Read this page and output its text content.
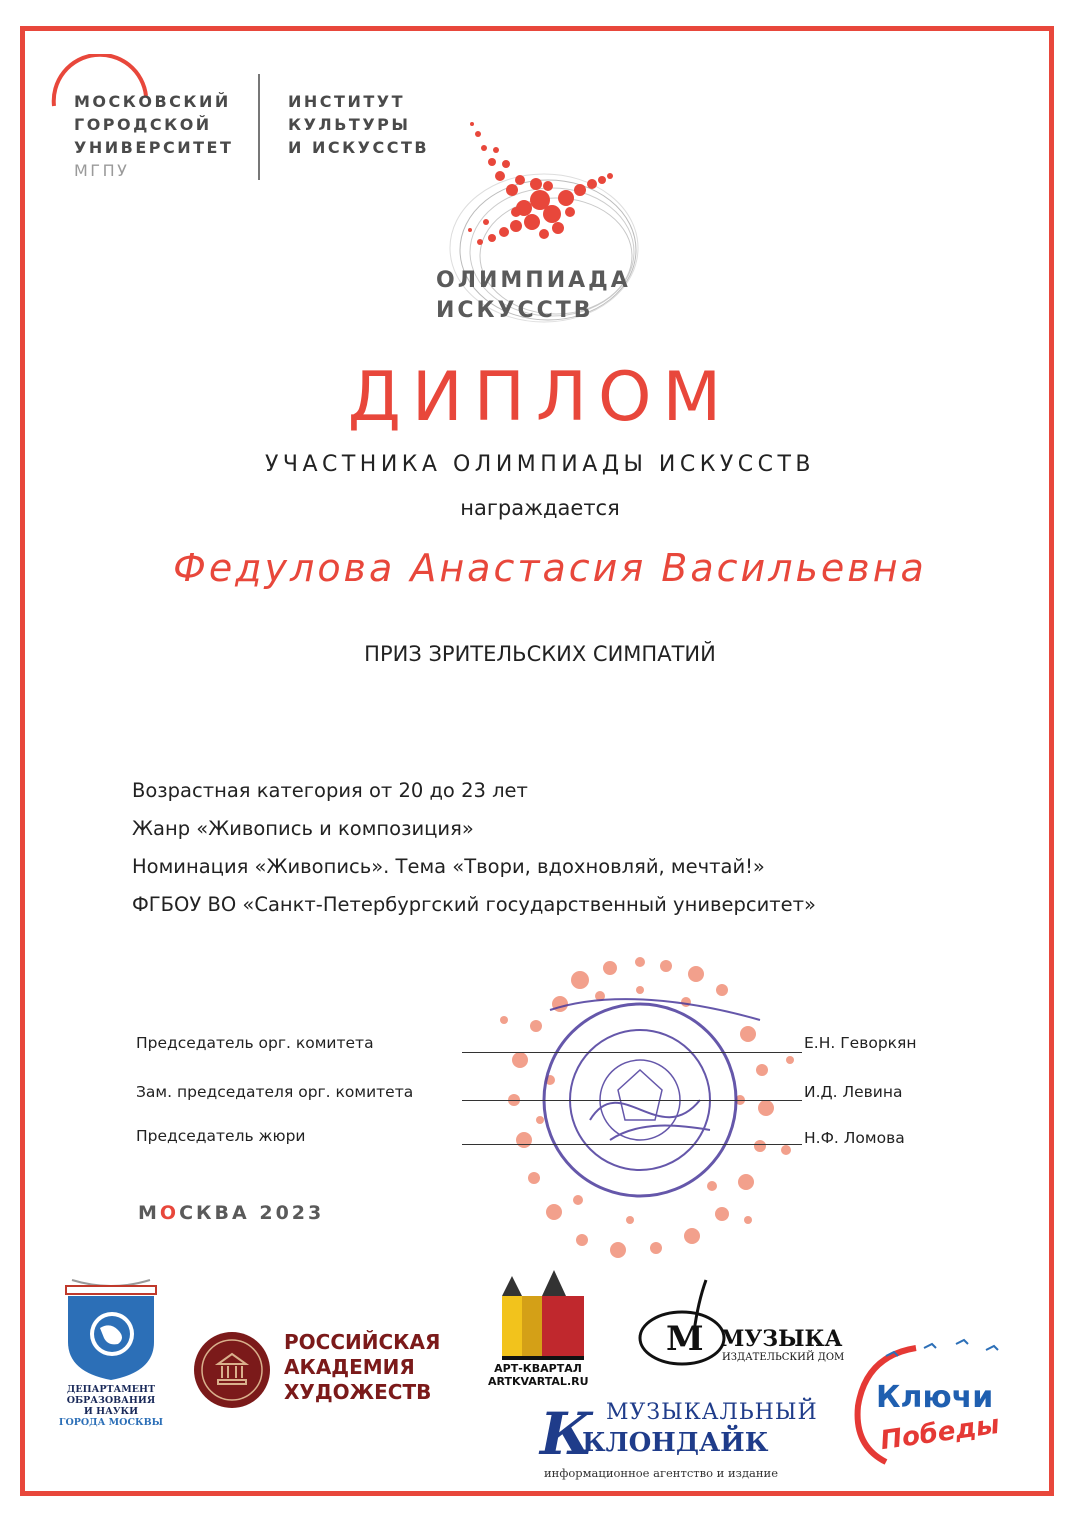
МОСКОВСКИЙ
ГОРОДСКОЙ
УНИВЕРСИТЕТ
МГПУ
ИНСТИТУТ
КУЛЬТУРЫ
И ИСКУССТВ
ОЛИМПИАДА
ИСКУССТВ
ДИПЛОМ
УЧАСТНИКА ОЛИМПИАДЫ ИСКУССТВ
награждается
Федулова Анастасия Васильевна
ПРИЗ ЗРИТЕЛЬСКИХ СИМПАТИЙ
Возрастная категория от 20 до 23 лет
Жанр «Живопись и композиция»
Номинация «Живопись». Тема «Твори, вдохновляй, мечтай!»
ФГБОУ ВО «Санкт-Петербургский государственный университет»
Председатель орг. комитета	Е.Н. Геворкян
Зам. председателя орг. комитета	И.Д. Левина
Председатель жюри	Н.Ф. Ломова
МОСКВА 2023
ДЕПАРТАМЕНТ
ОБРАЗОВАНИЯ
И НАУКИ
ГОРОДА МОСКВЫ
РОССИЙСКАЯ
АКАДЕМИЯ
ХУДОЖЕСТВ
АРТ-КВАРТАЛ
ARTKVARTAL.RU
M МУЗЫКА
ИЗДАТЕЛЬСКИЙ ДОМ
К МУЗЫКАЛЬНЫЙ
КЛОНДАЙК
информационное агентство и издание
Ключи
Победы
